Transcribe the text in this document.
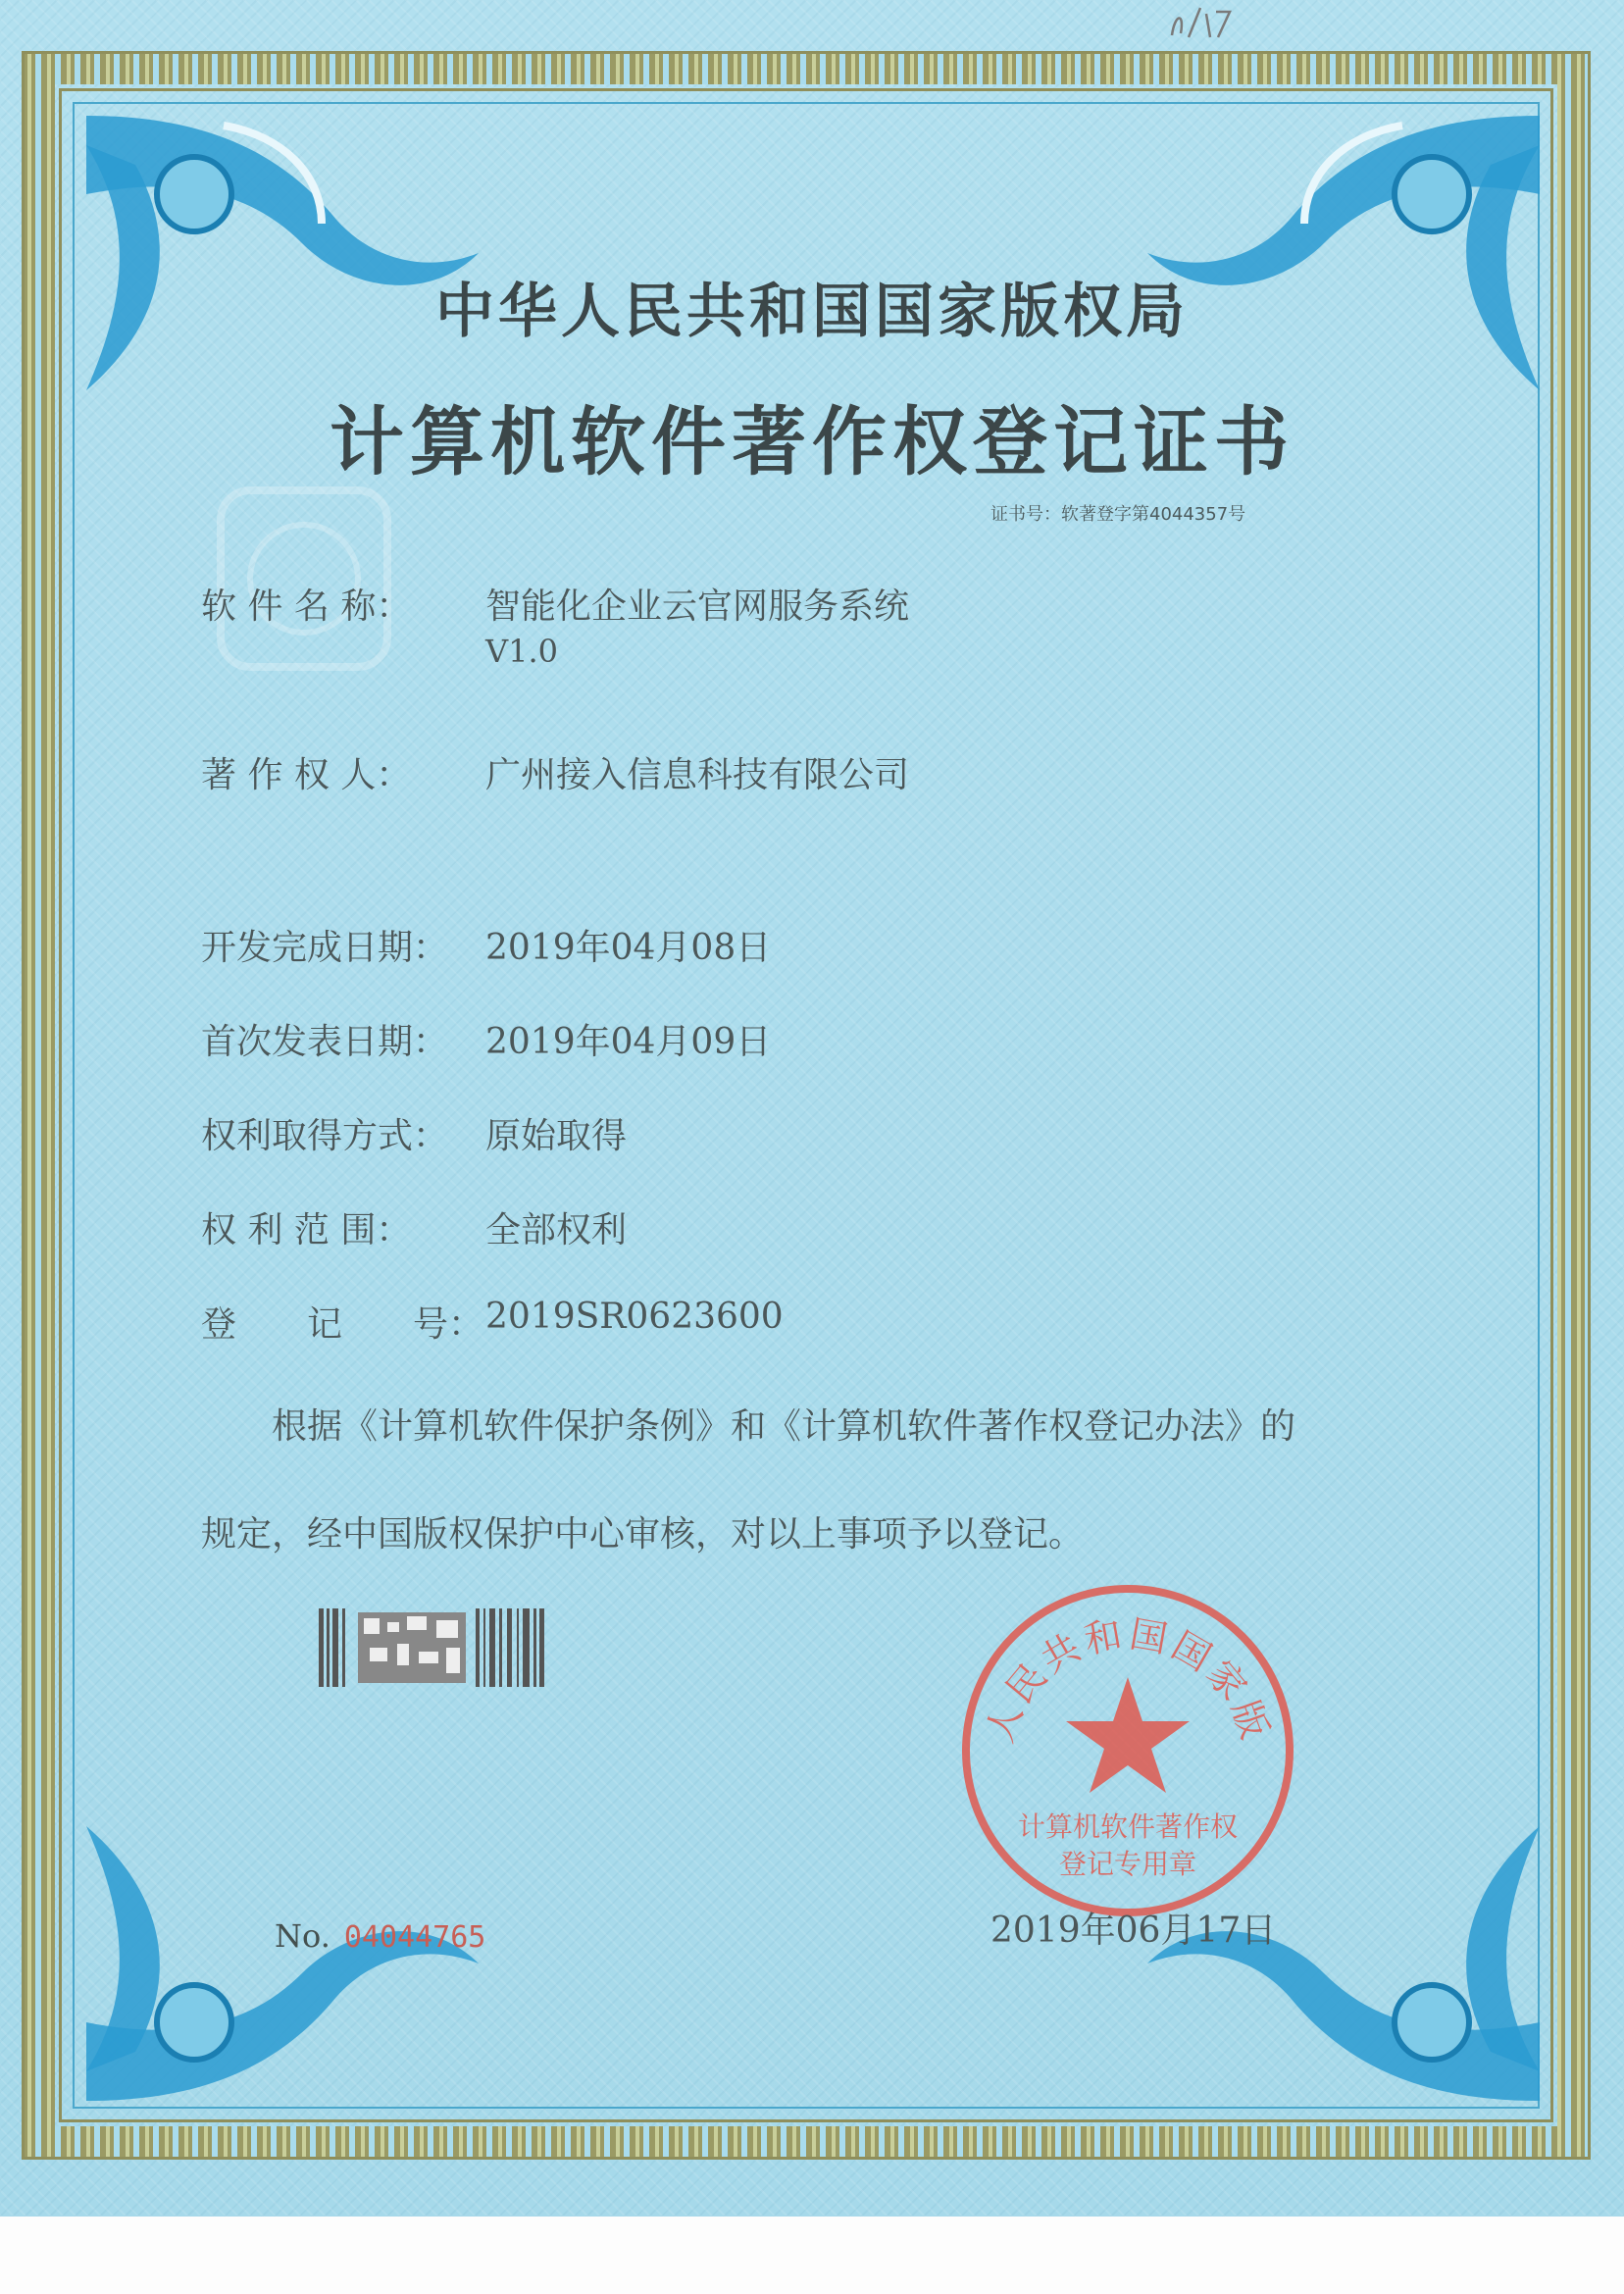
中华人民共和国国家版权局
计算机软件著作权登记证书
证书号：软著登字第4044357号
软 件 名 称： 智能化企业云官网服务系统
V1.0
著 作 权 人： 广州接入信息科技有限公司
开发完成日期： 2019年04月08日
首次发表日期： 2019年04月09日
权利取得方式： 原始取得
权 利 范 围： 全部权利
登　　记　　号：2019SR0623600
根据《计算机软件保护条例》和《计算机软件著作权登记办法》的
规定，经中国版权保护中心审核，对以上事项予以登记。
人民共和国国家版
计算机软件著作权
登记专用章
No. 04044765	2019年06月17日
